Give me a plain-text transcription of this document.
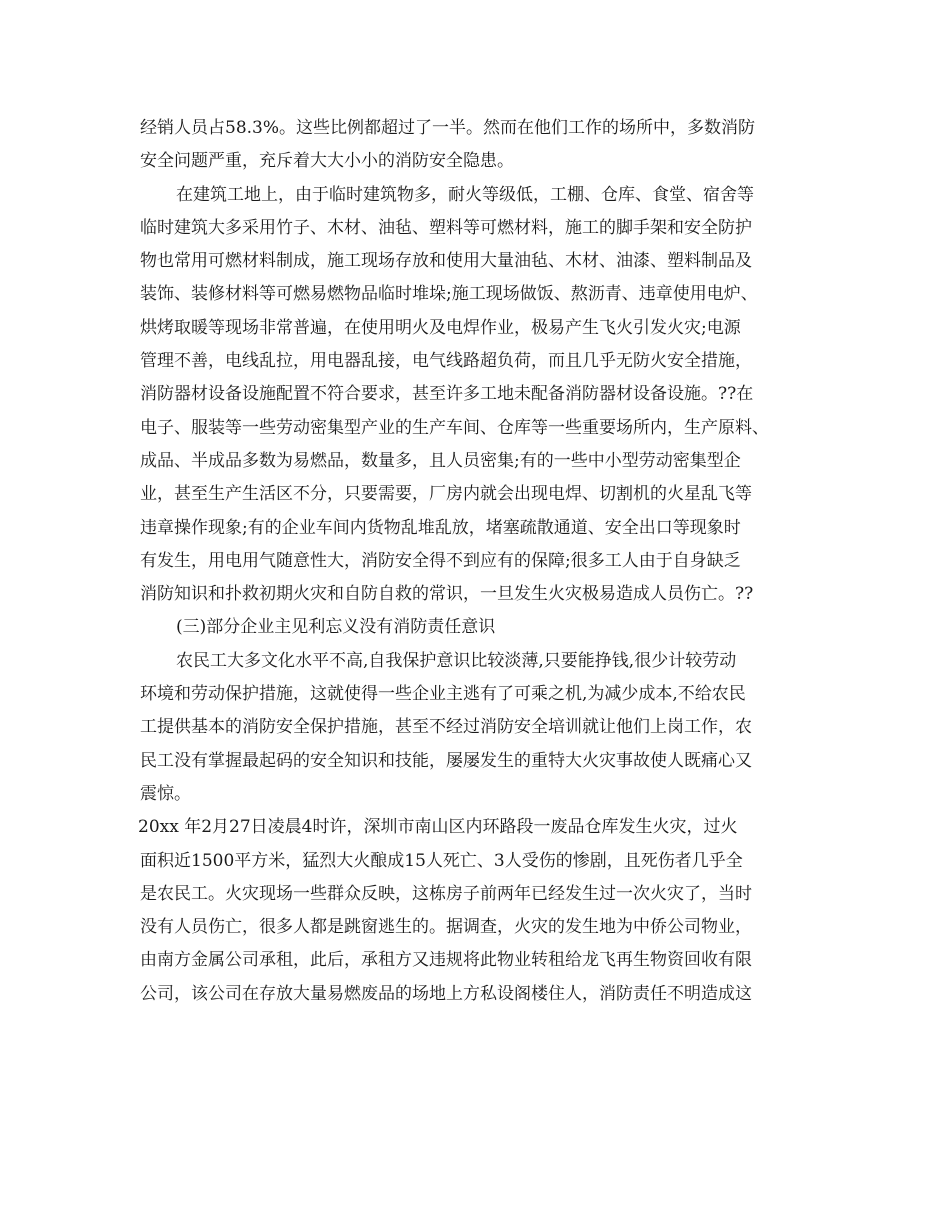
经销人员占58.3%。这些比例都超过了一半。然而在他们工作的场所中，多数消防
安全问题严重，充斥着大大小小的消防安全隐患。
在建筑工地上，由于临时建筑物多，耐火等级低，工棚、仓库、食堂、宿舍等
临时建筑大多采用竹子、木材、油毡、塑料等可燃材料，施工的脚手架和安全防护
物也常用可燃材料制成，施工现场存放和使用大量油毡、木材、油漆、塑料制品及
装饰、装修材料等可燃易燃物品临时堆垛;施工现场做饭、熬沥青、违章使用电炉、
烘烤取暖等现场非常普遍，在使用明火及电焊作业，极易产生飞火引发火灾;电源
管理不善，电线乱拉，用电器乱接，电气线路超负荷，而且几乎无防火安全措施，
消防器材设备设施配置不符合要求，甚至许多工地未配备消防器材设备设施。??在
电子、服装等一些劳动密集型产业的生产车间、仓库等一些重要场所内，生产原料、
成品、半成品多数为易燃品，数量多，且人员密集;有的一些中小型劳动密集型企
业，甚至生产生活区不分，只要需要，厂房内就会出现电焊、切割机的火星乱飞等
违章操作现象;有的企业车间内货物乱堆乱放，堵塞疏散通道、安全出口等现象时
有发生，用电用气随意性大，消防安全得不到应有的保障;很多工人由于自身缺乏
消防知识和扑救初期火灾和自防自救的常识，一旦发生火灾极易造成人员伤亡。??
(三)部分企业主见利忘义没有消防责任意识
农民工大多文化水平不高,自我保护意识比较淡薄,只要能挣钱,很少计较劳动
环境和劳动保护措施，这就使得一些企业主逃有了可乘之机,为减少成本,不给农民
工提供基本的消防安全保护措施，甚至不经过消防安全培训就让他们上岗工作，农
民工没有掌握最起码的安全知识和技能，屡屡发生的重特大火灾事故使人既痛心又
震惊。
20xx 年2月27日凌晨4时许，深圳市南山区内环路段一废品仓库发生火灾，过火
面积近1500平方米，猛烈大火酿成15人死亡、3人受伤的惨剧，且死伤者几乎全
是农民工。火灾现场一些群众反映，这栋房子前两年已经发生过一次火灾了，当时
没有人员伤亡，很多人都是跳窗逃生的。据调查，火灾的发生地为中侨公司物业，
由南方金属公司承租，此后，承租方又违规将此物业转租给龙飞再生物资回收有限
公司，该公司在存放大量易燃废品的场地上方私设阁楼住人，消防责任不明造成这
